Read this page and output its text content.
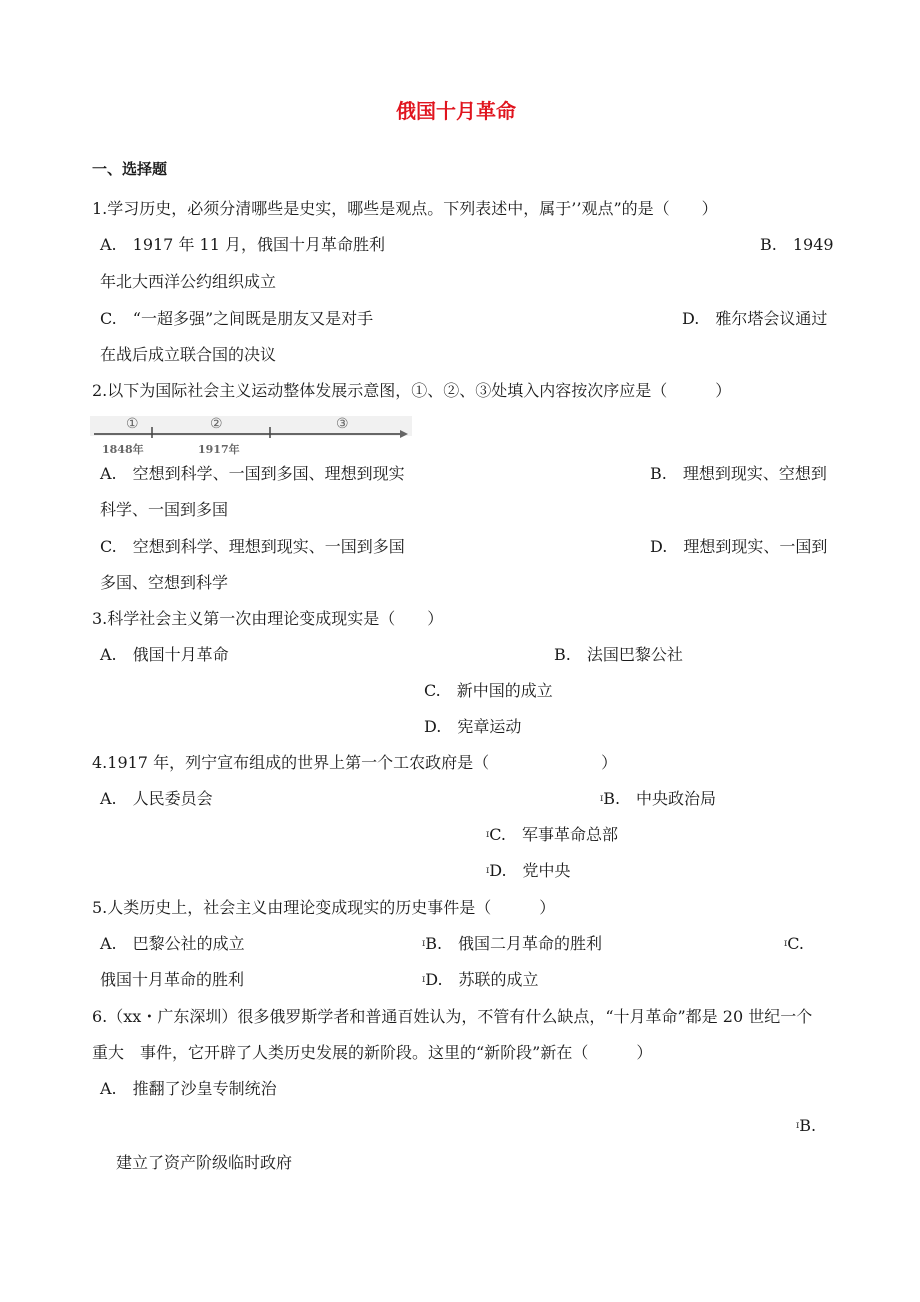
俄国十月革命
一、选择题
1.学习历史，必须分清哪些是史实，哪些是观点。下列表述中，属于’’观点”的是（　　）
A.　1917 年 11 月，俄国十月革命胜利	B.　1949
年北大西洋公约组织成立
C.　“一超多强”之间既是朋友又是对手	D.　雅尔塔会议通过
在战后成立联合国的决议
2.以下为国际社会主义运动整体发展示意图，①、②、③处填入内容按次序应是（　　　）
①	②	③
1848年	1917年
A.　空想到科学、一国到多国、理想到现实	B.　理想到现实、空想到
科学、一国到多国
C.　空想到科学、理想到现实、一国到多国	D.　理想到现实、一国到
多国、空想到科学
3.科学社会主义第一次由理论变成现实是（　　）
A.　俄国十月革命	B.　法国巴黎公社
C.　新中国的成立
D.　宪章运动
4.1917 年，列宁宣布组成的世界上第一个工农政府是（　　　　　　　）
A.　人民委员会	$^ɪ$B.　中央政治局
$^ɪ$C.　军事革命总部
$^ɪ$D.　党中央
5.人类历史上，社会主义由理论变成现实的历史事件是（　　　）
A.　巴黎公社的成立	$^ɪ$B.　俄国二月革命的胜利	$^ɪ$C.
俄国十月革命的胜利	$^ɪ$D.　苏联的成立
6.（xx・广东深圳）很多俄罗斯学者和普通百姓认为，不管有什么缺点，“十月革命”都是 20 世纪一个
重大　事件，它开辟了人类历史发展的新阶段。这里的“新阶段”新在（　　　）
A.　推翻了沙皇专制统治
$^ɪ$B.
建立了资产阶级临时政府
